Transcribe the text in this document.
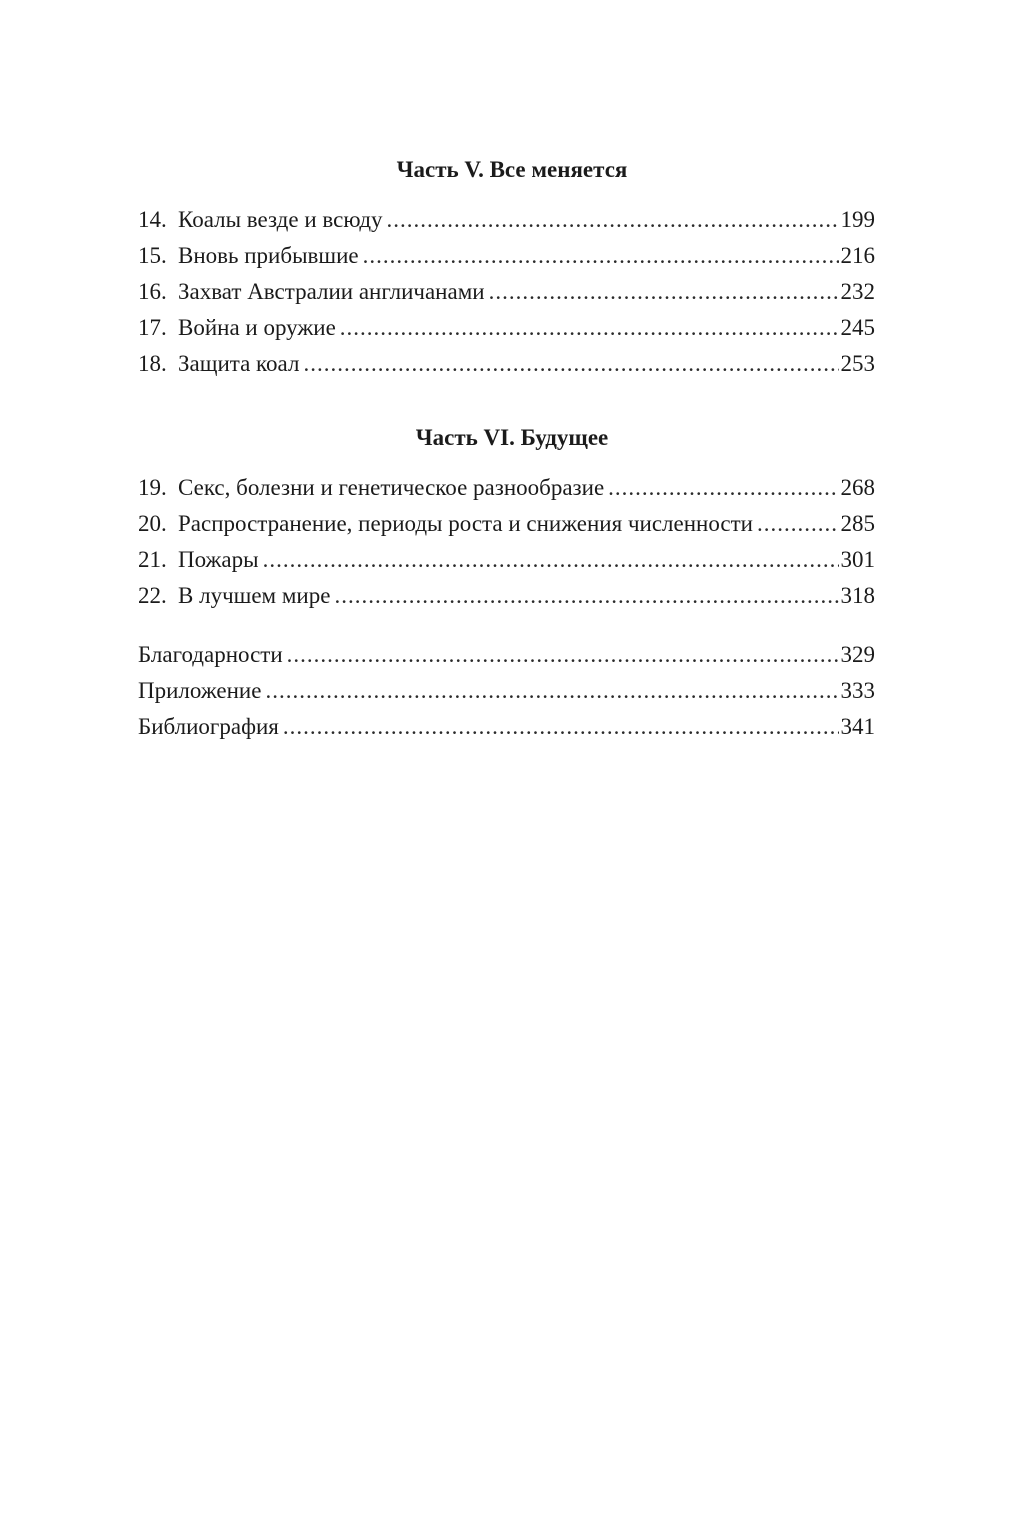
Часть V. Все меняется
14. Коалы везде и всюду .....	199
15. Вновь прибывшие .....	216
16. Захват Австралии англичанами .....	232
17. Война и оружие .....	245
18. Защита коал .....	253
Часть VI. Будущее
19. Секс, болезни и генетическое разнообразие .....	268
20. Распространение, периоды роста и снижения численности .....	285
21. Пожары .....	301
22. В лучшем мире .....	318
Благодарности .....	329
Приложение .....	333
Библиография .....	341
